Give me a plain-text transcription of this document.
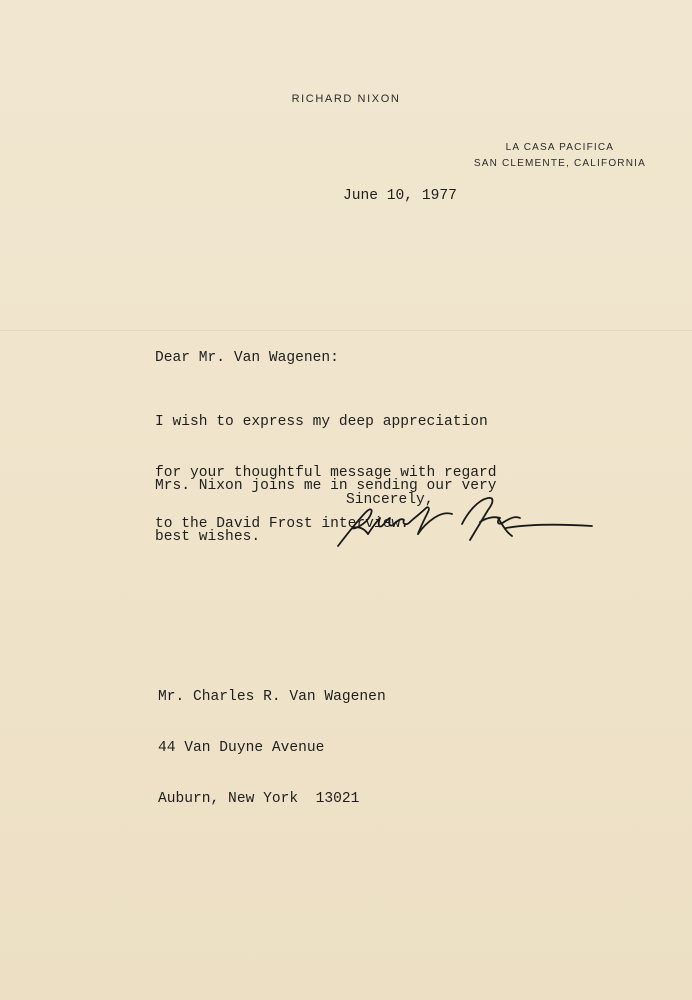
RICHARD NIXON
LA CASA PACIFICA
SAN CLEMENTE, CALIFORNIA
June 10, 1977
Dear Mr. Van Wagenen:

I wish to express my deep appreciation

for your thoughtful message with regard

to the David Frost interview.

Mrs. Nixon joins me in sending our very

best wishes.

Sincerely,

Mr. Charles R. Van Wagenen

44 Van Duyne Avenue

Auburn, New York  13021
